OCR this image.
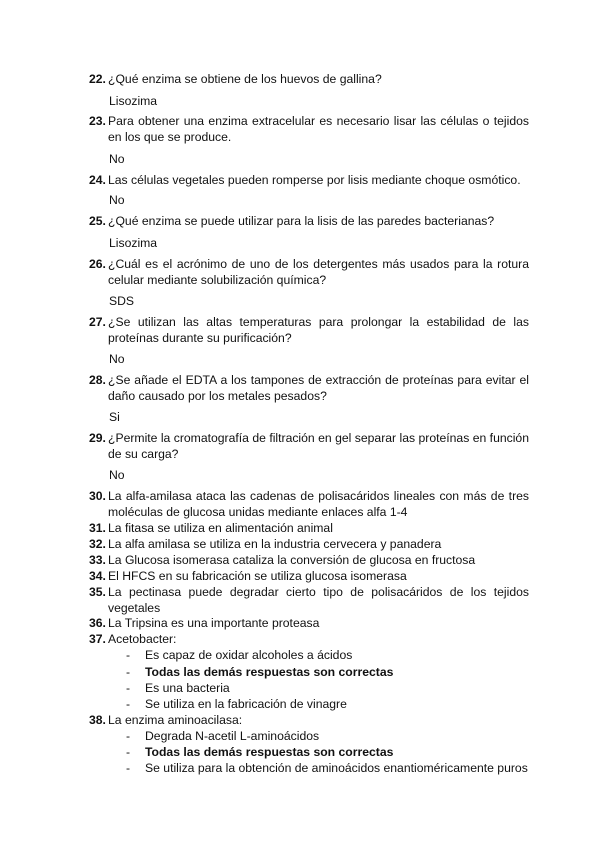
22. ¿Qué enzima se obtiene de los huevos de gallina?
Lisozima
23. Para obtener una enzima extracelular es necesario lisar las células o tejidos en los que se produce.
No
24. Las células vegetales pueden romperse por lisis mediante choque osmótico.
No
25. ¿Qué enzima se puede utilizar para la lisis de las paredes bacterianas?
Lisozima
26. ¿Cuál es el acrónimo de uno de los detergentes más usados para la rotura celular mediante solubilización química?
SDS
27. ¿Se utilizan las altas temperaturas para prolongar la estabilidad de las proteínas durante su purificación?
No
28. ¿Se añade el EDTA a los tampones de extracción de proteínas para evitar el daño causado por los metales pesados?
Si
29. ¿Permite la cromatografía de filtración en gel separar las proteínas en función de su carga?
No
30. La alfa-amilasa ataca las cadenas de polisacáridos lineales con más de tres moléculas de glucosa unidas mediante enlaces alfa 1-4
31. La fitasa se utiliza en alimentación animal
32. La alfa amilasa se utiliza en la industria cervecera y panadera
33. La Glucosa isomerasa cataliza la conversión de glucosa en fructosa
34. El HFCS en su fabricación se utiliza glucosa isomerasa
35. La pectinasa puede degradar cierto tipo de polisacáridos de los tejidos vegetales
36. La Tripsina es una importante proteasa
37. Acetobacter:
- Es capaz de oxidar alcoholes a ácidos
- Todas las demás respuestas son correctas
- Es una bacteria
- Se utiliza en la fabricación de vinagre
38. La enzima aminoacilasa:
- Degrada N-acetil L-aminoácidos
- Todas las demás respuestas son correctas
- Se utiliza para la obtención de aminoácidos enantioméricamente puros
